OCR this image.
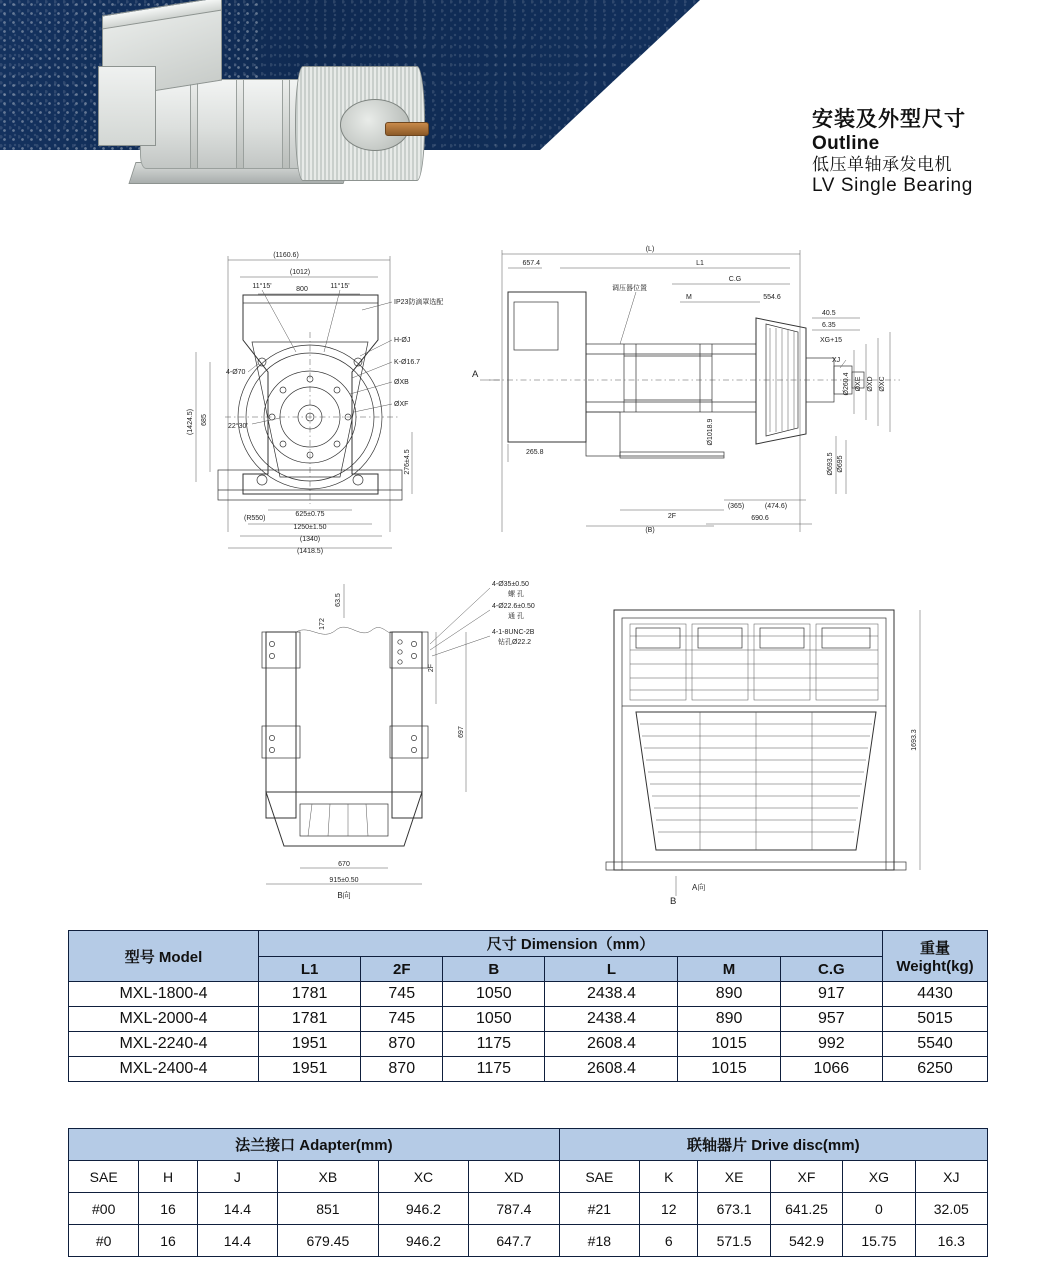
安装及外型尺寸
Outline
低压单轴承发电机
LV Single Bearing
(1160.6)
(1012)
800
11°15'	11°15'
22°30'
IP23防滴罩选配
H-ØJ
K-Ø16.7
ØXB
ØXF
(1424.5) 685
4-Ø70
(R550)
625±0.75
1250±1.50
(1340)
(1418.5)
276±4.5
(L)
657.4	L1
C.G
M	554.6
A
调压器位置
40.5
6.35
XG+15
XJ
Ø260.4 ØXE ØXD ØXC
Ø693.5 Ø695
Ø1018.9
265.8
2F
(365)	(474.6)
690.6
(B)
4-Ø35±0.50
螺 孔
4-Ø22.6±0.50
通 孔
4-1-8UNC-2B
钻孔Ø22.2
2F
697
63.5
172
670
915±0.50
B向
1693.3
B
A向
型号 Model	尺寸 Dimension（mm）						重量
Weight(kg)

	L1	2F	B	L	M	C.G	
MXL-1800-4	1781	745	1050	2438.4	890	917	4430
MXL-2000-4	1781	745	1050	2438.4	890	957	5015
MXL-2240-4	1951	870	1175	2608.4	1015	992	5540
MXL-2400-4	1951	870	1175	2608.4	1015	1066	6250
法兰接口 Adapter(mm)						联轴器片 Drive disc(mm)					
SAE	H	J	XB	XC	XD	SAE	K	XE	XF	XG	XJ
#00	16	14.4	851	946.2	787.4	#21	12	673.1	641.25	0	32.05
#0	16	14.4	679.45	946.2	647.7	#18	6	571.5	542.9	15.75	16.3
